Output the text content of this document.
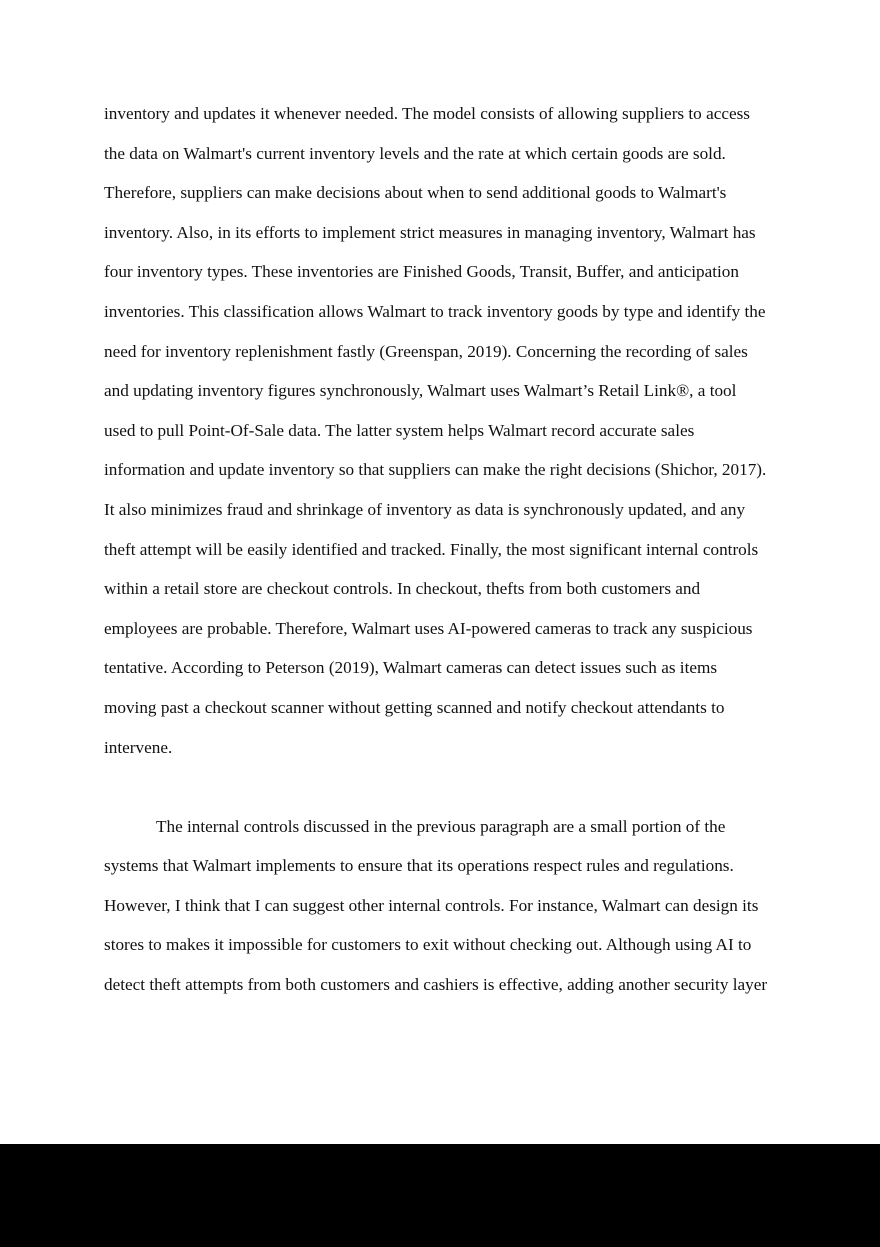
inventory and updates it whenever needed. The model consists of allowing suppliers to access
the data on Walmart's current inventory levels and the rate at which certain goods are sold.
Therefore, suppliers can make decisions about when to send additional goods to Walmart's
inventory. Also, in its efforts to implement strict measures in managing inventory, Walmart has
four inventory types. These inventories are Finished Goods, Transit, Buffer, and anticipation
inventories. This classification allows Walmart to track inventory goods by type and identify the
need for inventory replenishment fastly (Greenspan, 2019). Concerning the recording of sales
and updating inventory figures synchronously, Walmart uses Walmart’s Retail Link®, a tool
used to pull Point-Of-Sale data. The latter system helps Walmart record accurate sales
information and update inventory so that suppliers can make the right decisions (Shichor, 2017).
It also minimizes fraud and shrinkage of inventory as data is synchronously updated, and any
theft attempt will be easily identified and tracked. Finally, the most significant internal controls
within a retail store are checkout controls. In checkout, thefts from both customers and
employees are probable. Therefore, Walmart uses AI-powered cameras to track any suspicious
tentative. According to Peterson (2019), Walmart cameras can detect issues such as items
moving past a checkout scanner without getting scanned and notify checkout attendants to
intervene.
The internal controls discussed in the previous paragraph are a small portion of the
systems that Walmart implements to ensure that its operations respect rules and regulations.
However, I think that I can suggest other internal controls. For instance, Walmart can design its
stores to makes it impossible for customers to exit without checking out. Although using AI to
detect theft attempts from both customers and cashiers is effective, adding another security layer
